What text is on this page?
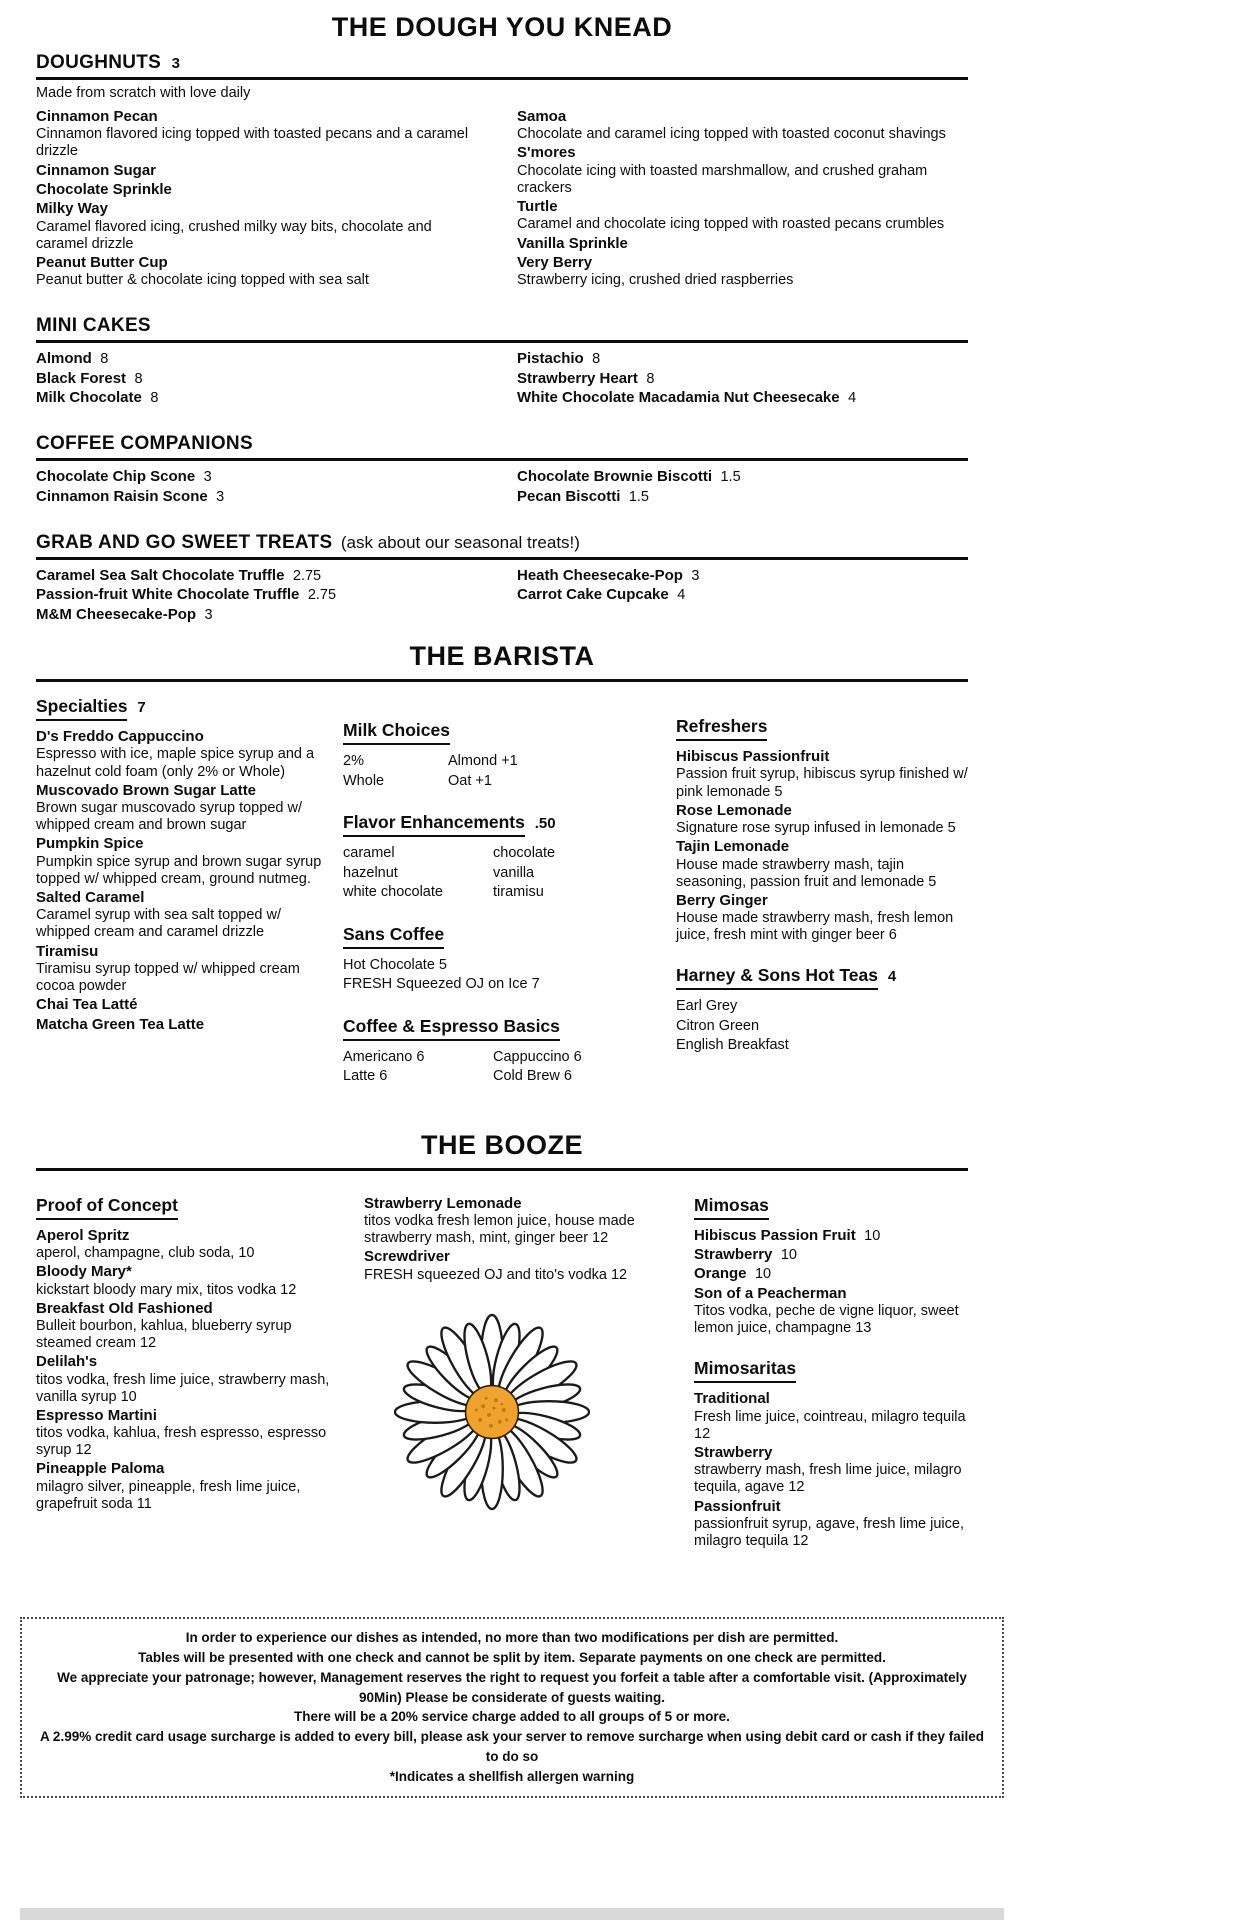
THE DOUGH YOU KNEAD
DOUGHNUTS 3
Made from scratch with love daily
Cinnamon Pecan
Cinnamon flavored icing topped with toasted pecans and a caramel drizzle
Cinnamon Sugar
Chocolate Sprinkle
Milky Way
Caramel flavored icing, crushed milky way bits, chocolate and caramel drizzle
Peanut Butter Cup
Peanut butter & chocolate icing topped with sea salt
Samoa
Chocolate and caramel icing topped with toasted coconut shavings
S'mores
Chocolate icing with toasted marshmallow, and crushed graham crackers
Turtle
Caramel and chocolate icing topped with roasted pecans crumbles
Vanilla Sprinkle
Very Berry
Strawberry icing, crushed dried raspberries
MINI CAKES
Almond 8
Black Forest 8
Milk Chocolate 8
Pistachio 8
Strawberry Heart 8
White Chocolate Macadamia Nut Cheesecake 4
COFFEE COMPANIONS
Chocolate Chip Scone 3
Cinnamon Raisin Scone 3
Chocolate Brownie Biscotti 1.5
Pecan Biscotti 1.5
GRAB AND GO SWEET TREATS (ask about our seasonal treats!)
Caramel Sea Salt Chocolate Truffle 2.75
Passion-fruit White Chocolate Truffle 2.75
M&M Cheesecake-Pop 3
Heath Cheesecake-Pop 3
Carrot Cake Cupcake 4
THE BARISTA
Specialties 7
D's Freddo Cappuccino
Espresso with ice, maple spice syrup and a hazelnut cold foam (only 2% or Whole)
Muscovado Brown Sugar Latte
Brown sugar muscovado syrup topped w/ whipped cream and brown sugar
Pumpkin Spice
Pumpkin spice syrup and brown sugar syrup topped w/ whipped cream, ground nutmeg.
Salted Caramel
Caramel syrup with sea salt topped w/ whipped cream and caramel drizzle
Tiramisu
Tiramisu syrup topped w/ whipped cream cocoa powder
Chai Tea Latté
Matcha Green Tea Latte
Milk Choices
2%	Almond +1
Whole	Oat +1
Flavor Enhancements .50
caramel	chocolate
hazelnut	vanilla
white chocolate	tiramisu
Sans Coffee
Hot Chocolate 5
FRESH Squeezed OJ on Ice 7
Coffee & Espresso Basics
Americano 6	Cappuccino 6
Latte 6	Cold Brew 6
Refreshers
Hibiscus Passionfruit
Passion fruit syrup, hibiscus syrup finished w/ pink lemonade 5
Rose Lemonade
Signature rose syrup infused in lemonade 5
Tajin Lemonade
House made strawberry mash, tajin seasoning, passion fruit and lemonade 5
Berry Ginger
House made strawberry mash, fresh lemon juice, fresh mint with ginger beer 6
Harney & Sons Hot Teas 4
Earl Grey
Citron Green
English Breakfast
THE BOOZE
Proof of Concept
Aperol Spritz
aperol, champagne, club soda, 10
Bloody Mary*
kickstart bloody mary mix, titos vodka 12
Breakfast Old Fashioned
Bulleit bourbon, kahlua, blueberry syrup steamed cream 12
Delilah's
titos vodka, fresh lime juice, strawberry mash, vanilla syrup 10
Espresso Martini
titos vodka, kahlua, fresh espresso, espresso syrup 12
Pineapple Paloma
milagro silver, pineapple, fresh lime juice, grapefruit soda 11
Strawberry Lemonade
titos vodka fresh lemon juice, house made strawberry mash, mint, ginger beer 12
Screwdriver
FRESH squeezed OJ and tito's vodka 12
Mimosas
Hibiscus Passion Fruit 10
Strawberry 10
Orange 10
Son of a Peacherman
Titos vodka, peche de vigne liquor, sweet lemon juice, champagne 13
Mimosaritas
Traditional
Fresh lime juice, cointreau, milagro tequila 12
Strawberry
strawberry mash, fresh lime juice, milagro tequila, agave 12
Passionfruit
passionfruit syrup, agave, fresh lime juice, milagro tequila 12
In order to experience our dishes as intended, no more than two modifications per dish are permitted.
Tables will be presented with one check and cannot be split by item. Separate payments on one check are permitted.
We appreciate your patronage; however, Management reserves the right to request you forfeit a table after a comfortable visit. (Approximately 90Min) Please be considerate of guests waiting.
There will be a 20% service charge added to all groups of 5 or more.
A 2.99% credit card usage surcharge is added to every bill, please ask your server to remove surcharge when using debit card or cash if they failed to do so
*Indicates a shellfish allergen warning
